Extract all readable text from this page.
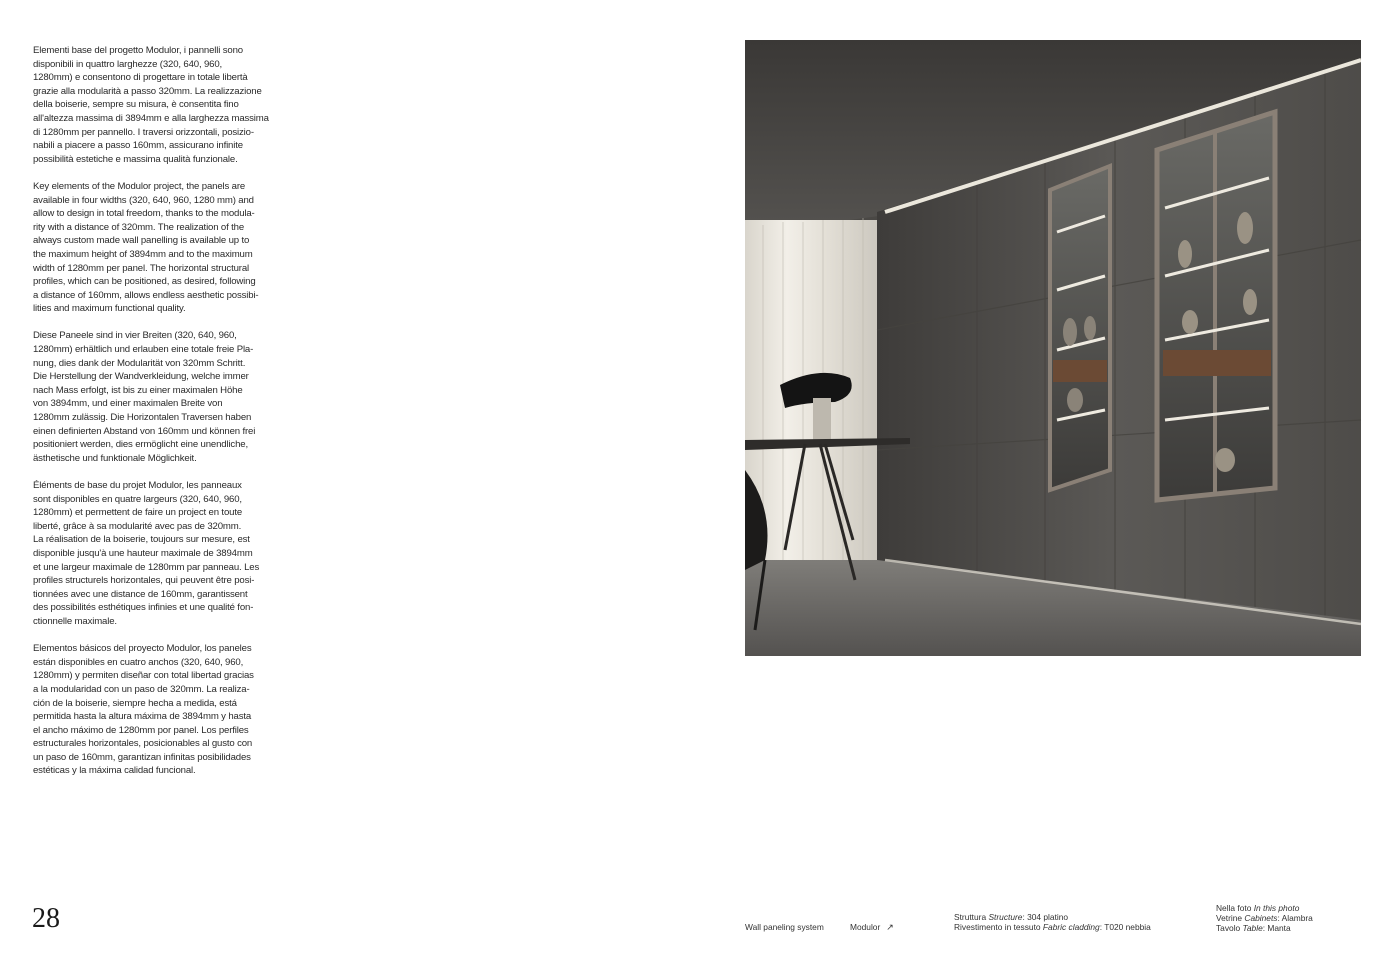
Elementi base del progetto Modulor, i pannelli sono
disponibili in quattro larghezze (320, 640, 960,
1280mm) e consentono di progettare in totale libertà
grazie alla modularità a passo 320mm. La realizzazione
della boiserie, sempre su misura, è consentita fino
all'altezza massima di 3894mm e alla larghezza massima
di 1280mm per pannello. I traversi orizzontali, posizio-
nabili a piacere a passo 160mm, assicurano infinite
possibilità estetiche e massima qualità funzionale.

Key elements of the Modulor project, the panels are
available in four widths (320, 640, 960, 1280 mm) and
allow to design in total freedom, thanks to the modula-
rity with a distance of 320mm. The realization of the
always custom made wall panelling is available up to
the maximum height of 3894mm and to the maximum
width of 1280mm per panel. The horizontal structural
profiles, which can be positioned, as desired, following
a distance of 160mm, allows endless aesthetic possibi-
lities and maximum functional quality.

Diese Paneele sind in vier Breiten (320, 640, 960,
1280mm) erhältlich und erlauben eine totale freie Pla-
nung, dies dank der Modularität von 320mm Schritt.
Die Herstellung der Wandverkleidung, welche immer
nach Mass erfolgt, ist bis zu einer maximalen Höhe
von 3894mm, und einer maximalen Breite von
1280mm zulässig. Die Horizontalen Traversen haben
einen definierten Abstand von 160mm und können frei
positioniert werden, dies ermöglicht eine unendliche,
ästhetische und funktionale Möglichkeit.

Éléments de base du projet Modulor, les panneaux
sont disponibles en quatre largeurs (320, 640, 960,
1280mm) et permettent de faire un project en toute
liberté, grâce à sa modularité avec pas de 320mm.
La réalisation de la boiserie, toujours sur mesure, est
disponible jusqu'à une hauteur maximale de 3894mm
et une largeur maximale de 1280mm par panneau. Les
profiles structurels horizontales, qui peuvent être posi-
tionnées avec une distance de 160mm, garantissent
des possibilités esthétiques infinies et une qualité fon-
ctionnelle maximale.

Elementos básicos del proyecto Modulor, los paneles
están disponibles en cuatro anchos (320, 640, 960,
1280mm) y permiten diseñar con total libertad gracias
a la modularidad con un paso de 320mm. La realiza-
ción de la boiserie, siempre hecha a medida, está
permitida hasta la altura máxima de 3894mm y hasta
el ancho máximo de 1280mm por panel. Los perfiles
estructurales horizontales, posicionables al gusto con
un paso de 160mm, garantizan infinitas posibilidades
estéticas y la máxima calidad funcional.

28	Wall paneling system	Modulor ↗
Struttura Structure: 304 platino
Rivestimento in tessuto Fabric cladding: T020 nebbia
Nella foto In this photo
Vetrine Cabinets: Alambra
Tavolo Table: Manta
